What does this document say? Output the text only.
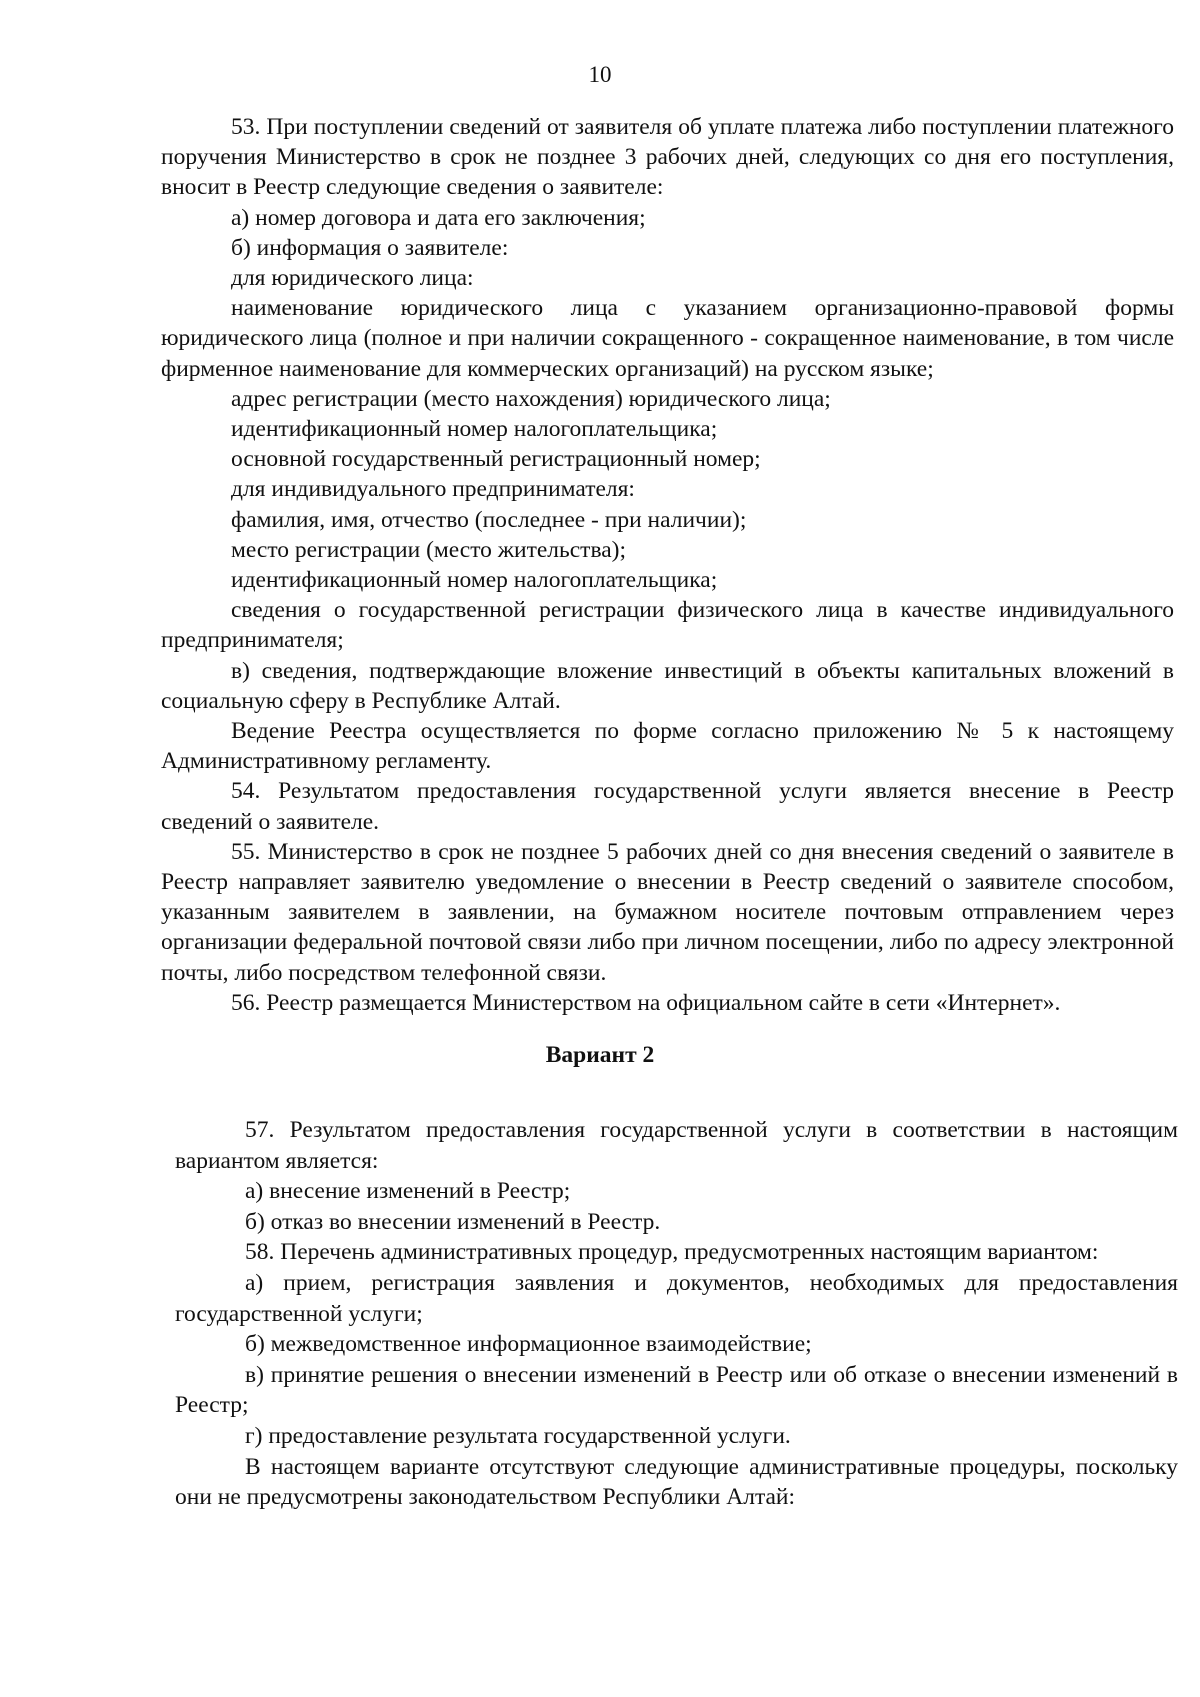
10

53. При поступлении сведений от заявителя об уплате платежа либо поступлении платежного поручения Министерство в срок не позднее 3 рабочих дней, следующих со дня его поступления, вносит в Реестр следующие сведения о заявителе:

а) номер договора и дата его заключения;

б) информация о заявителе:

для юридического лица:

наименование юридического лица с указанием организационно-правовой формы юридического лица (полное и при наличии сокращенного - сокращенное наименование, в том числе фирменное наименование для коммерческих организаций) на русском языке;

адрес регистрации (место нахождения) юридического лица;

идентификационный номер налогоплательщика;

основной государственный регистрационный номер;

для индивидуального предпринимателя:

фамилия, имя, отчество (последнее - при наличии);

место регистрации (место жительства);

идентификационный номер налогоплательщика;

сведения о государственной регистрации физического лица в качестве индивидуального предпринимателя;

в) сведения, подтверждающие вложение инвестиций в объекты капитальных вложений в социальную сферу в Республике Алтай.

Ведение Реестра осуществляется по форме согласно приложению № 5 к настоящему Административному регламенту.

54. Результатом предоставления государственной услуги является внесение в Реестр сведений о заявителе.

55. Министерство в срок не позднее 5 рабочих дней со дня внесения сведений о заявителе в Реестр направляет заявителю уведомление о внесении в Реестр сведений о заявителе способом, указанным заявителем в заявлении, на бумажном носителе почтовым отправлением через организации федеральной почтовой связи либо при личном посещении, либо по адресу электронной почты, либо посредством телефонной связи.

56. Реестр размещается Министерством на официальном сайте в сети «Интернет».

Вариант 2

57. Результатом предоставления государственной услуги в соответствии в настоящим вариантом является:

а) внесение изменений в Реестр;

б) отказ во внесении изменений в Реестр.

58. Перечень административных процедур, предусмотренных настоящим вариантом:

а) прием, регистрация заявления и документов, необходимых для предоставления государственной услуги;

б) межведомственное информационное взаимодействие;

в) принятие решения о внесении изменений в Реестр или об отказе о внесении изменений в Реестр;

г) предоставление результата государственной услуги.

В настоящем варианте отсутствуют следующие административные процедуры, поскольку они не предусмотрены законодательством Республики Алтай:
